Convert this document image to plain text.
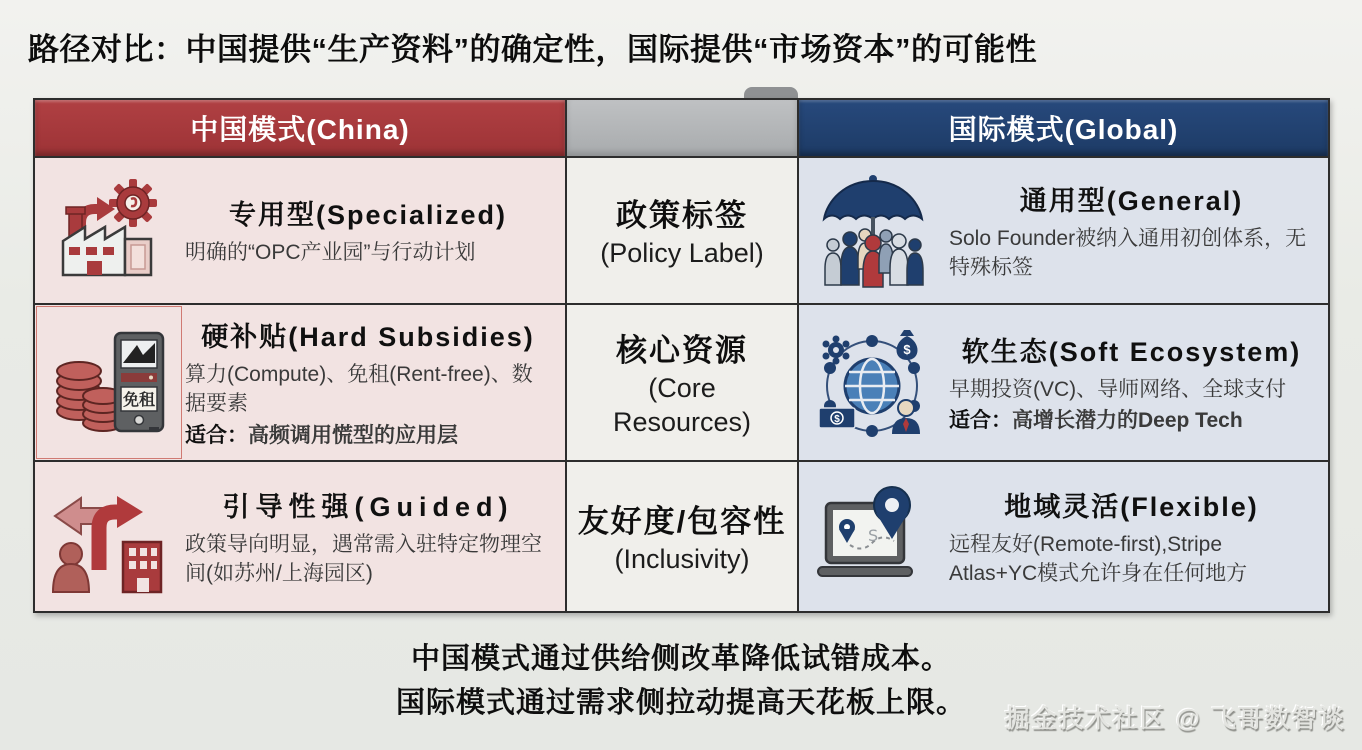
路径对比：中国提供“生产资料”的确定性，国际提供“市场资本”的可能性
中国模式(China)	国际模式(Global)
专用型(Specialized)
明确的“OPC产业园”与行动计划
政策标签
(Policy Label)
通用型(General)
Solo Founder被纳入通用初创体系，无特殊标签
免租
硬补贴(Hard Subsidies)
算力(Compute)、免租(Rent-free)、数据要素
适合：高频调用慌型的应用层
核心资源
(Core Resources)
$
$
软生态(Soft Ecosystem)
早期投资(VC)、导师网络、全球支付
适合：高增长潜力的Deep Tech
引导性强(Guided)
政策导向明显，遇常需入驻特定物理空间(如苏州/上海园区)
友好度/包容性
(Inclusivity)
S
地域灵活(Flexible)
远程友好(Remote-first),Stripe Atlas+YC模式允许身在任何地方
中国模式通过供给侧改革降低试错成本。
国际模式通过需求侧拉动提高天花板上限。
掘金技术社区 @ 飞哥数智谈
